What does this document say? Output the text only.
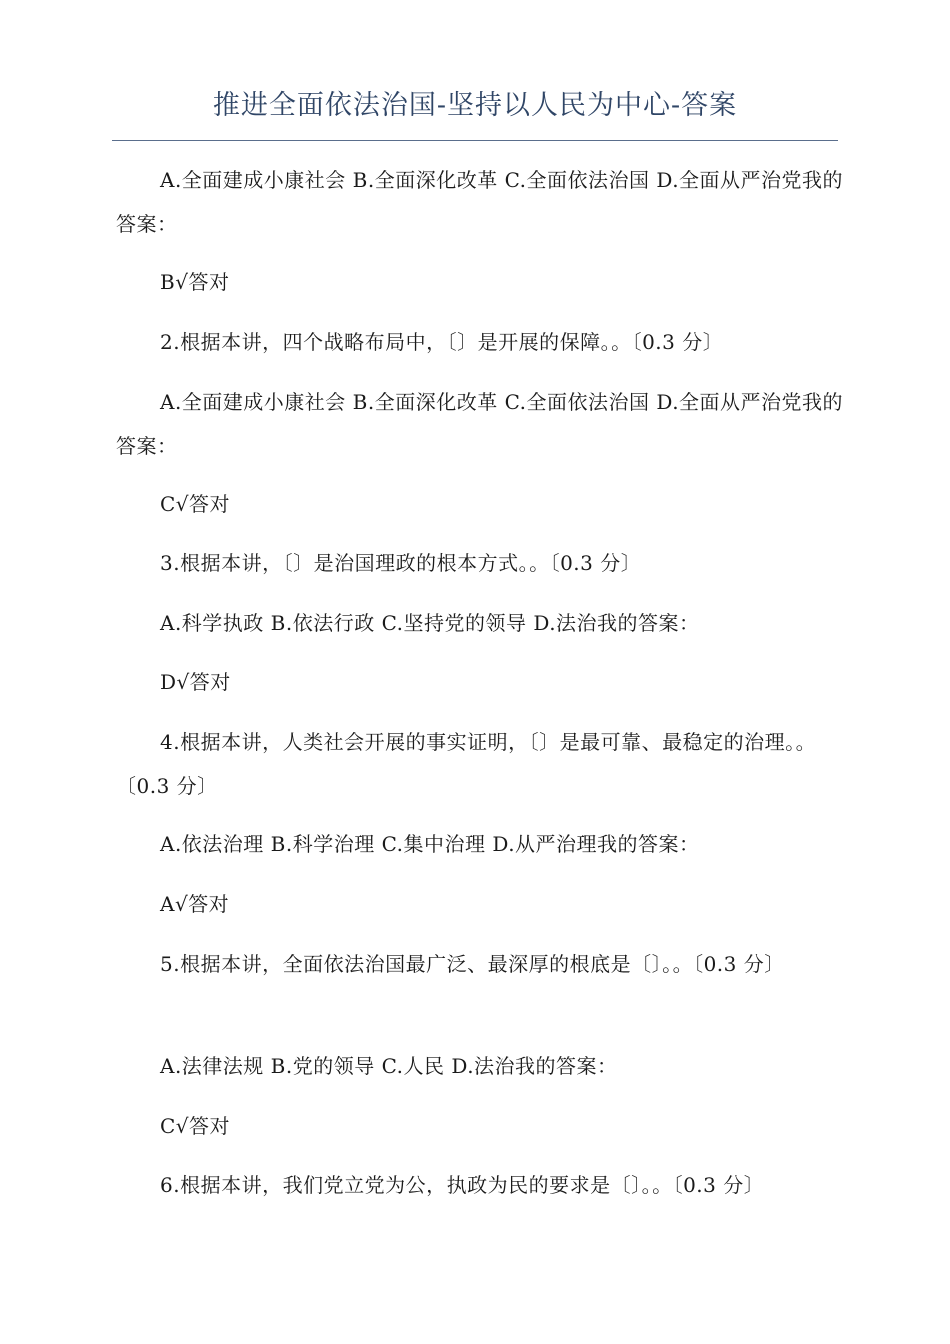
推进全面依法治国-坚持以人民为中心-答案
A.全面建成小康社会 B.全面深化改革 C.全面依法治国 D.全面从严治党我的答案：
B√答对
2.根据本讲，四个战略布局中，〔〕是开展的保障。。〔0.3 分〕
A.全面建成小康社会 B.全面深化改革 C.全面依法治国 D.全面从严治党我的答案：
C√答对
3.根据本讲，〔〕是治国理政的根本方式。。〔0.3 分〕
A.科学执政 B.依法行政 C.坚持党的领导 D.法治我的答案：
D√答对
4.根据本讲，人类社会开展的事实证明，〔〕是最可靠、最稳定的治理。。〔0.3 分〕
A.依法治理 B.科学治理 C.集中治理 D.从严治理我的答案：
A√答对
5.根据本讲，全面依法治国最广泛、最深厚的根底是〔〕。。〔0.3 分〕
A.法律法规 B.党的领导 C.人民 D.法治我的答案：
C√答对
6.根据本讲，我们党立党为公，执政为民的要求是〔〕。。〔0.3 分〕
